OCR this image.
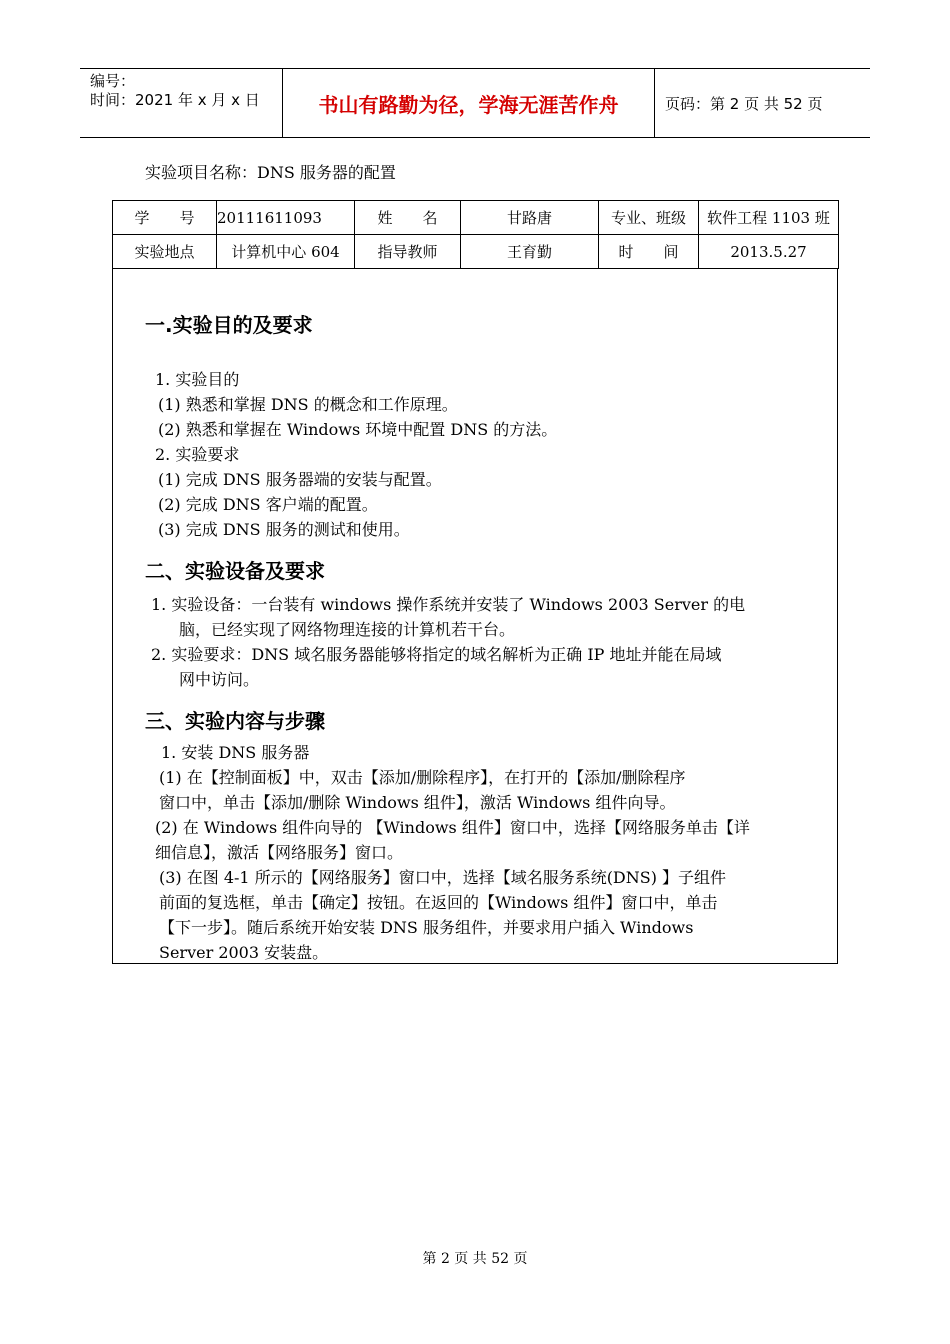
编号：
时间：2021 年 x 月 x 日	书山有路勤为径，学海无涯苦作舟	页码：第 2 页 共 52 页
实验项目名称：DNS 服务器的配置
学　　号	20111611093	姓　　名	甘路唐	专业、班级	软件工程 1103 班
实验地点	计算机中心 604	指导教师	王育勤	时　　间	2013.5.27
一.实验目的及要求
1. 实验目的
(1) 熟悉和掌握 DNS 的概念和工作原理。
(2) 熟悉和掌握在 Windows 环境中配置 DNS 的方法。
2. 实验要求
(1) 完成 DNS 服务器端的安装与配置。
(2) 完成 DNS 客户端的配置。
(3) 完成 DNS 服务的测试和使用。
二、实验设备及要求
1. 实验设备：一台装有 windows 操作系统并安装了 Windows 2003 Server 的电
脑，已经实现了网络物理连接的计算机若干台。
2. 实验要求：DNS 域名服务器能够将指定的域名解析为正确 IP 地址并能在局域
网中访问。
三、实验内容与步骤
1. 安装 DNS 服务器
(1) 在【控制面板】中，双击【添加/删除程序】，在打开的【添加/删除程序
窗口中，单击【添加/删除 Windows 组件】，激活 Windows 组件向导。
(2) 在 Windows 组件向导的 【Windows 组件】窗口中，选择【网络服务单击【详
细信息】，激活【网络服务】窗口。
(3) 在图 4-1 所示的【网络服务】窗口中，选择【域名服务系统(DNS) 】子组件
前面的复选框，单击【确定】按钮。在返回的【Windows 组件】窗口中，单击
【下一步】。随后系统开始安装 DNS 服务组件，并要求用户插入 Windows
Server 2003 安装盘。
第 2 页 共 52 页
